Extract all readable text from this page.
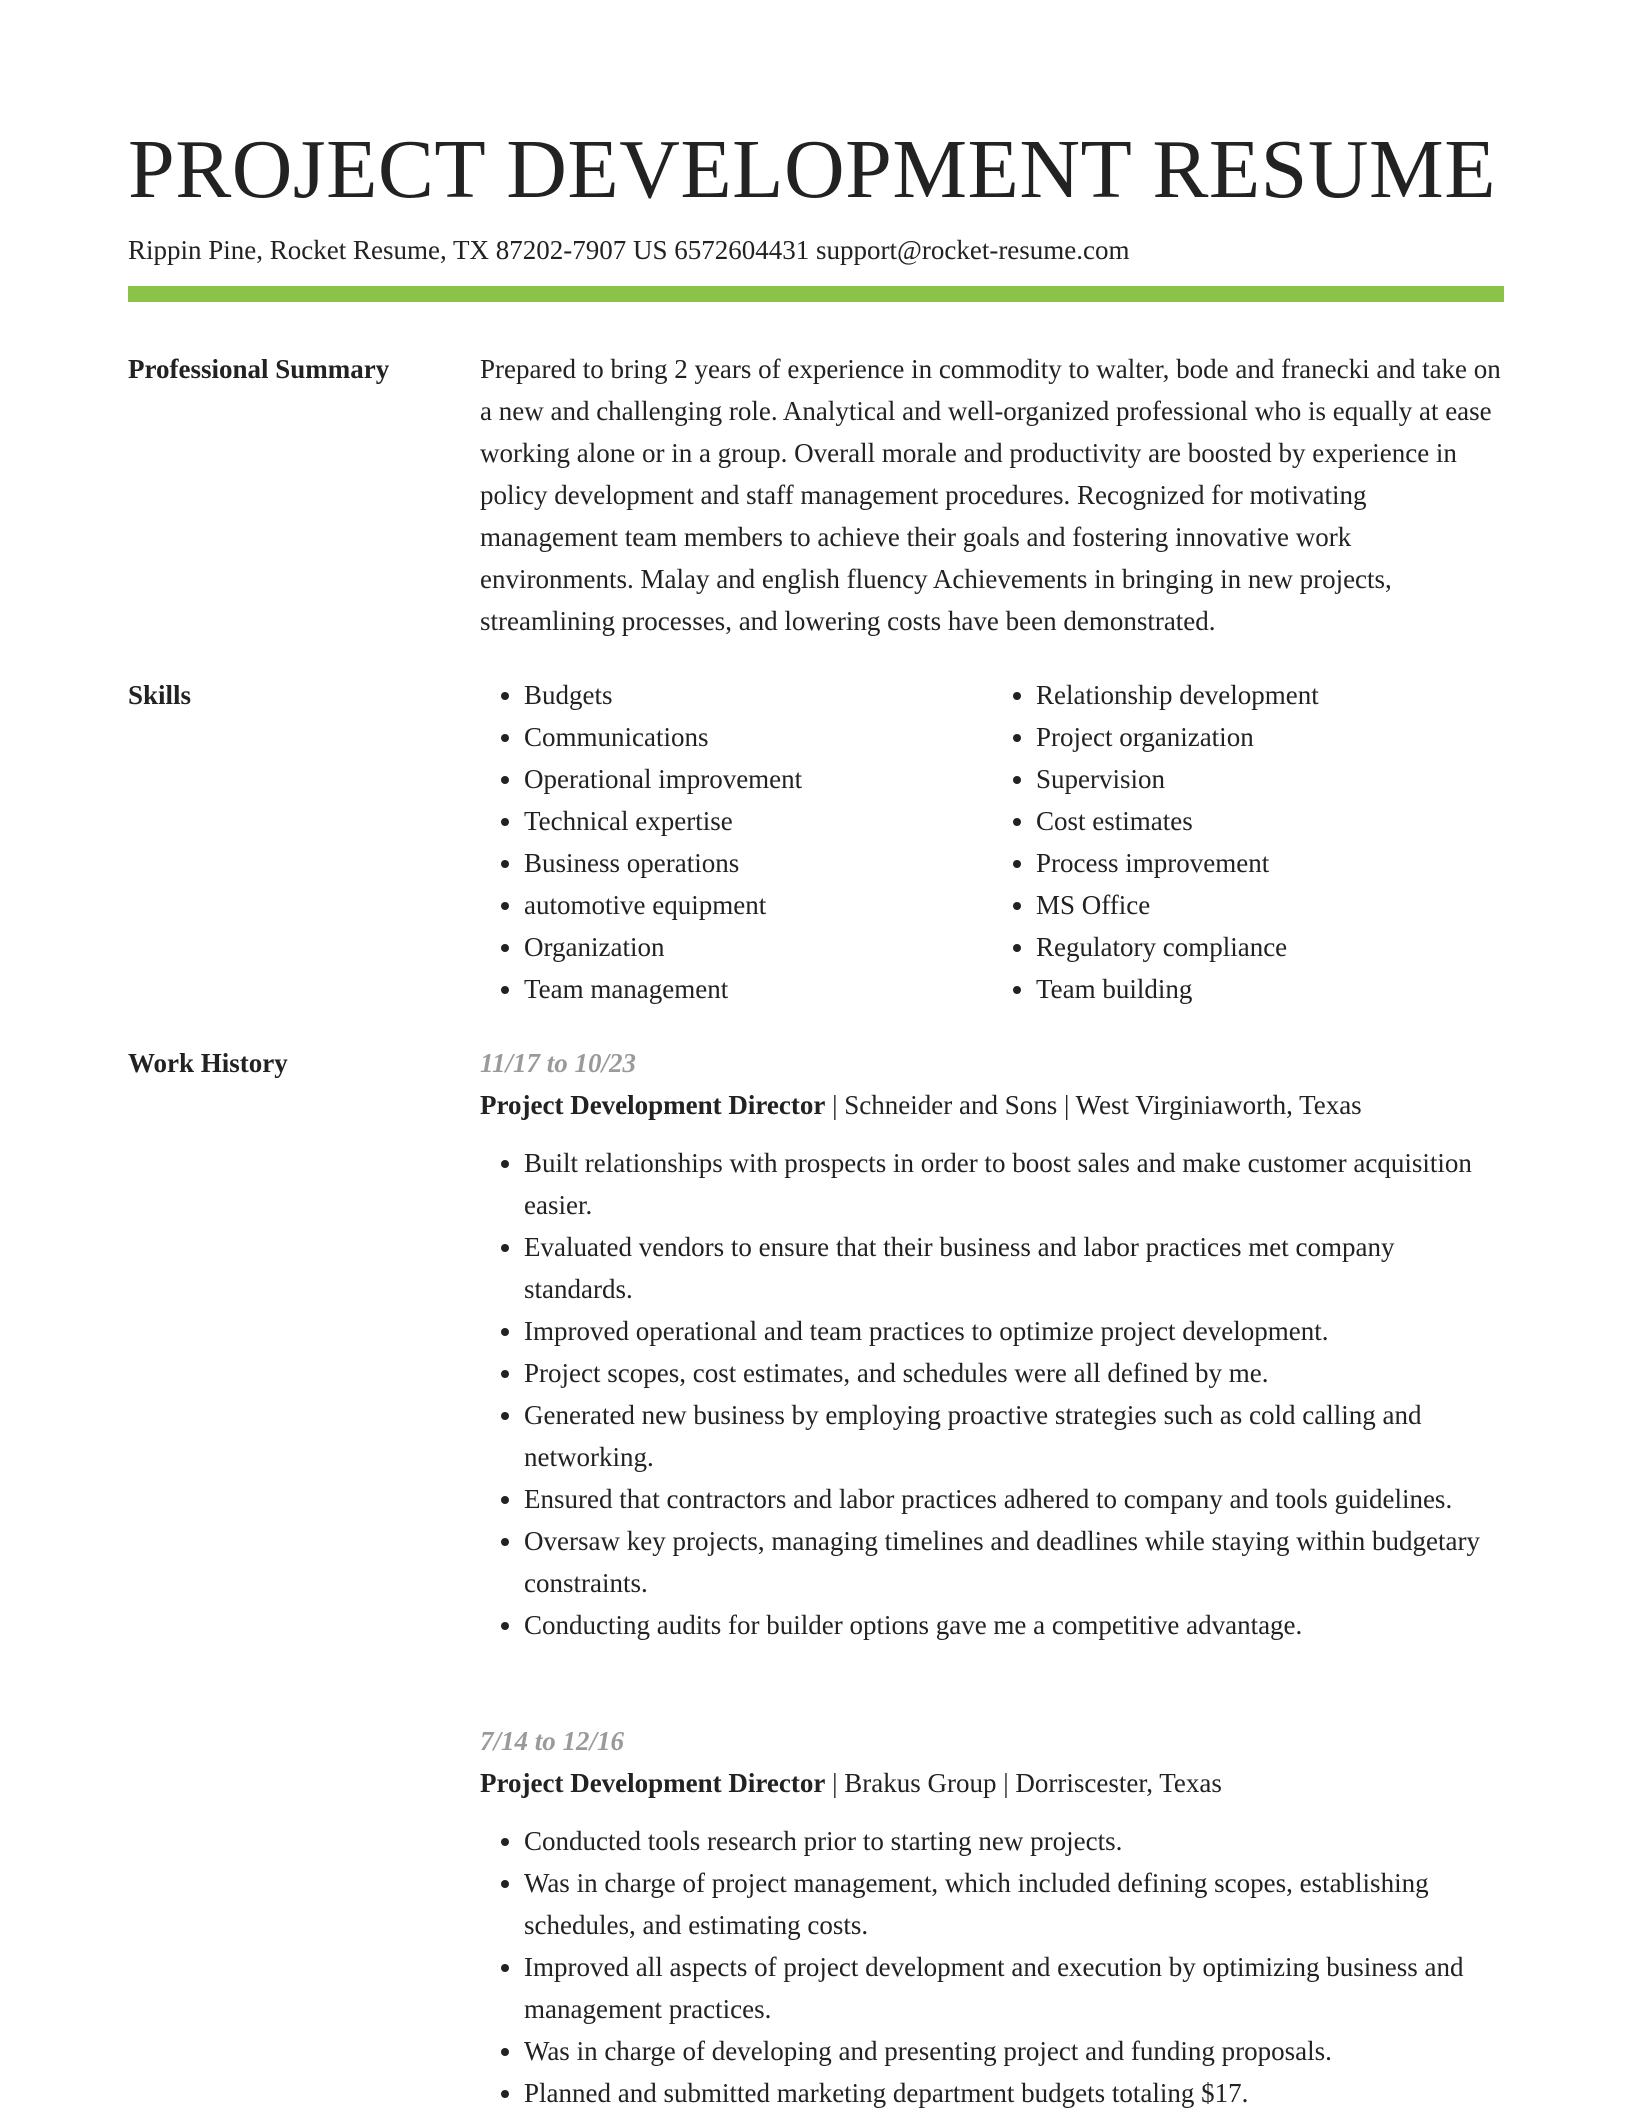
PROJECT DEVELOPMENT RESUME
Rippin Pine, Rocket Resume, TX 87202-7907 US 6572604431 support@rocket-resume.com
Professional Summary	Prepared to bring 2 years of experience in commodity to walter, bode and franecki and take on a new and challenging role. Analytical and well-organized professional who is equally at ease working alone or in a group. Overall morale and productivity are boosted by experience in policy development and staff management procedures. Recognized for motivating management team members to achieve their goals and fostering innovative work environments. Malay and english fluency Achievements in bringing in new projects, streamlining processes, and lowering costs have been demonstrated.

Skills
•	Budgets
• Communications
• Operational improvement
• Technical expertise
• Business operations
• automotive equipment
• Organization
• Team management
• Relationship development
• Project organization
• Supervision
• Cost estimates
• Process improvement
• MS Office
• Regulatory compliance
• Team building
Work History	11/17 to 10/23
Project Development Director | Schneider and Sons | West Virginiaworth, Texas
• Built relationships with prospects in order to boost sales and make customer acquisition easier.
• Evaluated vendors to ensure that their business and labor practices met company standards.
• Improved operational and team practices to optimize project development.
• Project scopes, cost estimates, and schedules were all defined by me.
• Generated new business by employing proactive strategies such as cold calling and networking.
• Ensured that contractors and labor practices adhered to company and tools guidelines.
• Oversaw key projects, managing timelines and deadlines while staying within budgetary constraints.
• Conducting audits for builder options gave me a competitive advantage.
7/14 to 12/16
Project Development Director | Brakus Group | Dorriscester, Texas
• Conducted tools research prior to starting new projects.
• Was in charge of project management, which included defining scopes, establishing schedules, and estimating costs.
• Improved all aspects of project development and execution by optimizing business and management practices.
• Was in charge of developing and presenting project and funding proposals.
• Planned and submitted marketing department budgets totaling $17.
